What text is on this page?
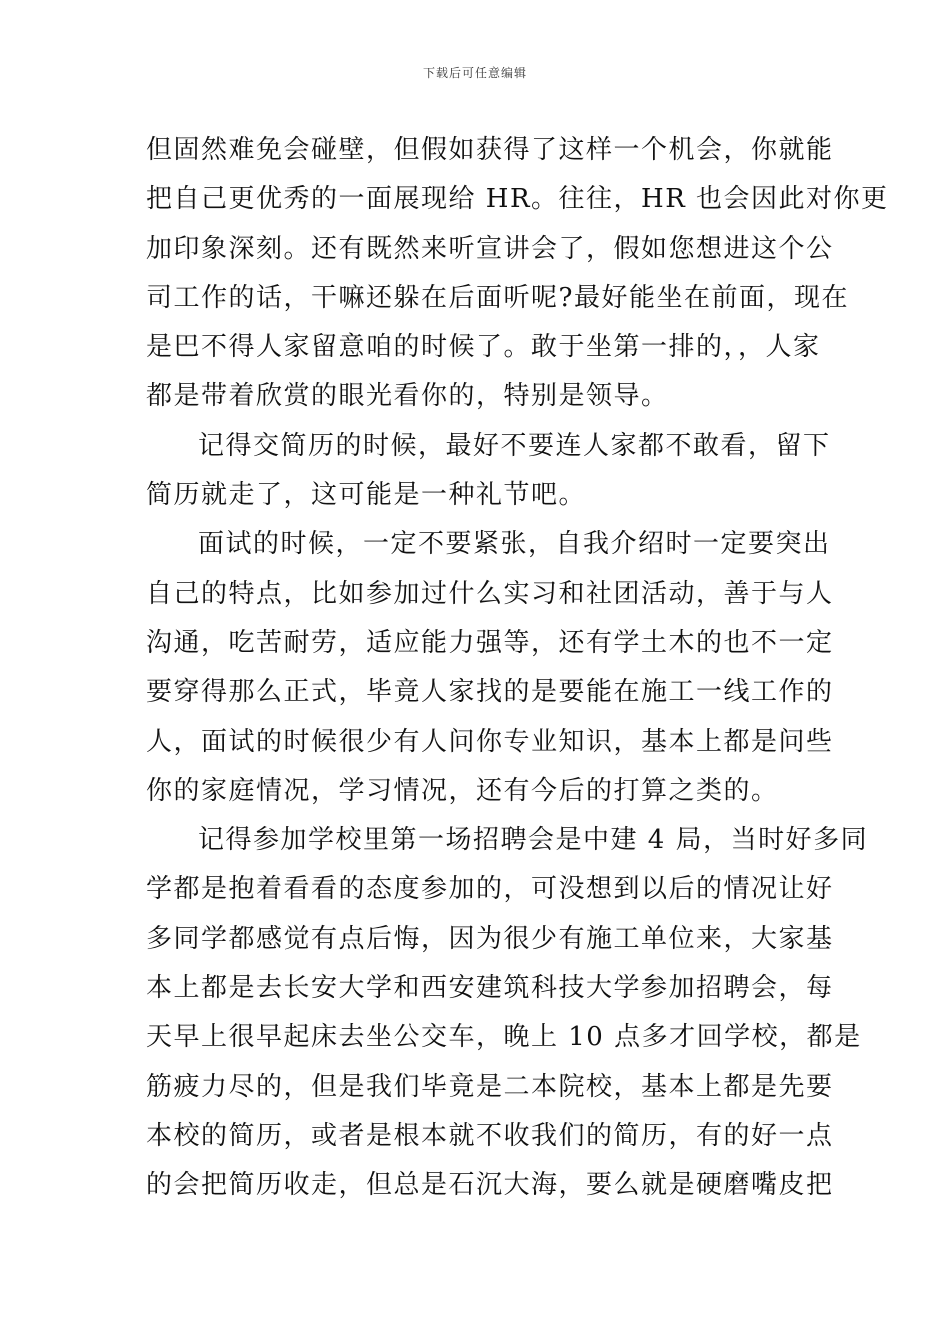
下载后可任意编辑
但固然难免会碰壁，但假如获得了这样一个机会，你就能
把自己更优秀的一面展现给 HR。往往，HR 也会因此对你更
加印象深刻。还有既然来听宣讲会了，假如您想进这个公
司工作的话，干嘛还躲在后面听呢?最好能坐在前面，现在
是巴不得人家留意咱的时候了。敢于坐第一排的，，人家
都是带着欣赏的眼光看你的，特别是领导。
记得交简历的时候，最好不要连人家都不敢看，留下
简历就走了，这可能是一种礼节吧。
面试的时候，一定不要紧张，自我介绍时一定要突出
自己的特点，比如参加过什么实习和社团活动，善于与人
沟通，吃苦耐劳，适应能力强等，还有学土木的也不一定
要穿得那么正式，毕竟人家找的是要能在施工一线工作的
人，面试的时候很少有人问你专业知识，基本上都是问些
你的家庭情况，学习情况，还有今后的打算之类的。
记得参加学校里第一场招聘会是中建 4 局，当时好多同
学都是抱着看看的态度参加的，可没想到以后的情况让好
多同学都感觉有点后悔，因为很少有施工单位来，大家基
本上都是去长安大学和西安建筑科技大学参加招聘会，每
天早上很早起床去坐公交车，晚上 10 点多才回学校，都是
筋疲力尽的，但是我们毕竟是二本院校，基本上都是先要
本校的简历，或者是根本就不收我们的简历，有的好一点
的会把简历收走，但总是石沉大海，要么就是硬磨嘴皮把
